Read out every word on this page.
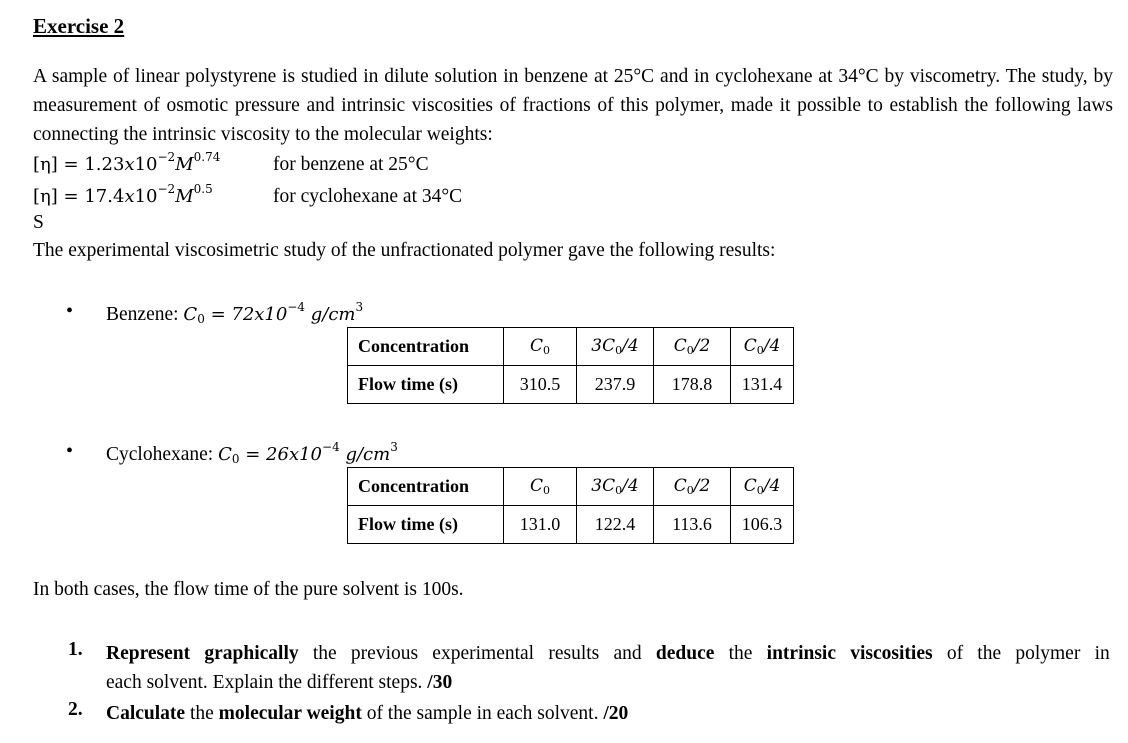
Exercise 2
A sample of linear polystyrene is studied in dilute solution in benzene at 25°C and in cyclohexane at 34°C by viscometry. The study, by measurement of osmotic pressure and intrinsic viscosities of fractions of this polymer, made it possible to establish the following laws connecting the intrinsic viscosity to the molecular weights:
$[\eta] = 1.23x10^{-2}M^{0.74}$	for benzene at 25°C
$[\eta] = 17.4x10^{-2}M^{0.5}$	for cyclohexane at 34°C
S
The experimental viscosimetric study of the unfractionated polymer gave the following results:
• Benzene: $C_0 = 72x10^{-4}$ $g/cm^3$
Concentration	$C_0$	$3C_0/4$	$C_0/2$	$C_0/4$
Flow time (s)	310.5	237.9	178.8	131.4
• Cyclohexane: $C_0 = 26x10^{-4}$ $g/cm^3$
Concentration	$C_0$	$3C_0/4$	$C_0/2$	$C_0/4$
Flow time (s)	131.0	122.4	113.6	106.3
In both cases, the flow time of the pure solvent is 100s.
1. Represent graphically the previous experimental results and deduce the intrinsic viscosities of the polymer in
each solvent. Explain the different steps. /30
2. Calculate the molecular weight of the sample in each solvent. /20
